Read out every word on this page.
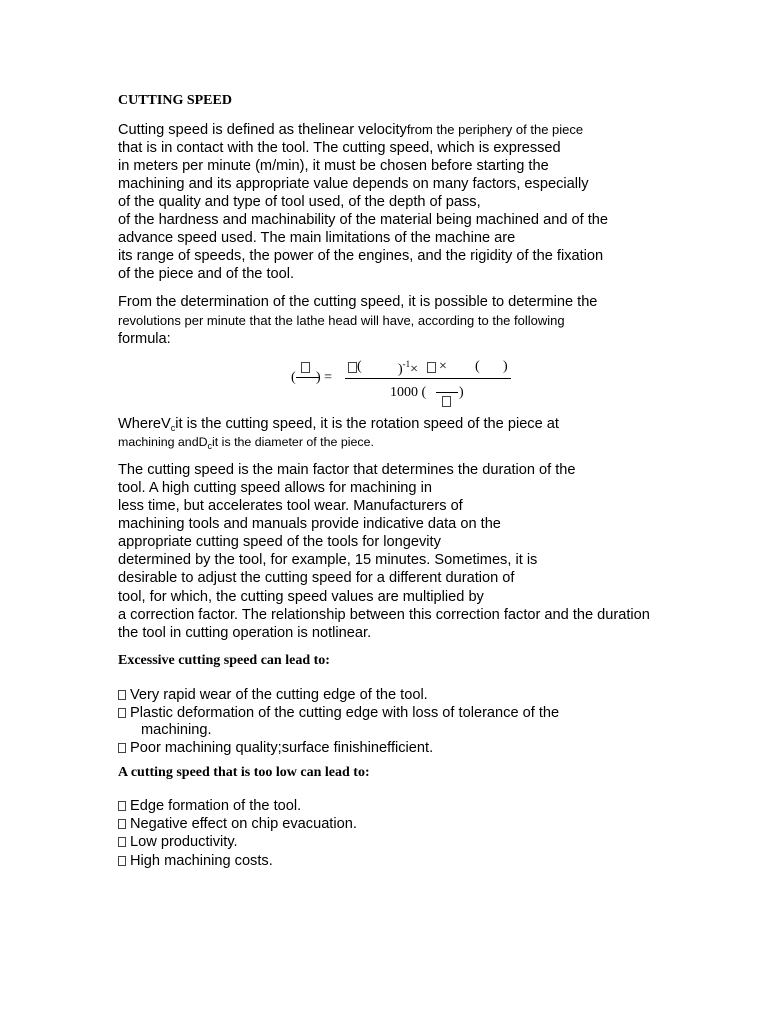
CUTTING SPEED
Cutting speed is defined as thelinear velocityfrom the periphery of the piece
that is in contact with the tool. The cutting speed, which is expressed
in meters per minute (m/min), it must be chosen before starting the
machining and its appropriate value depends on many factors, especially
of the quality and type of tool used, of the depth of pass,
of the hardness and machinability of the material being machined and of the
advance speed used. The main limitations of the machine are
its range of speeds, the power of the engines, and the rigidity of the fixation
of the piece and of the tool.
From the determination of the cutting speed, it is possible to determine the
revolutions per minute that the lathe head will have, according to the following
formula:
( ) =
(	)$^{-1}$× × ( )
1000 ( )
WhereV$_c$it is the cutting speed, it is the rotation speed of the piece at
machining andD$_c$it is the diameter of the piece.
The cutting speed is the main factor that determines the duration of the
tool. A high cutting speed allows for machining in
less time, but accelerates tool wear. Manufacturers of
machining tools and manuals provide indicative data on the
appropriate cutting speed of the tools for longevity
determined by the tool, for example, 15 minutes. Sometimes, it is
desirable to adjust the cutting speed for a different duration of
tool, for which, the cutting speed values are multiplied by
a correction factor. The relationship between this correction factor and the duration
the tool in cutting operation is notlinear.
Excessive cutting speed can lead to:
Very rapid wear of the cutting edge of the tool.
Plastic deformation of the cutting edge with loss of tolerance of the
machining.
Poor machining quality;surface finishinefficient.
A cutting speed that is too low can lead to:
Edge formation of the tool.
Negative effect on chip evacuation.
Low productivity.
High machining costs.
